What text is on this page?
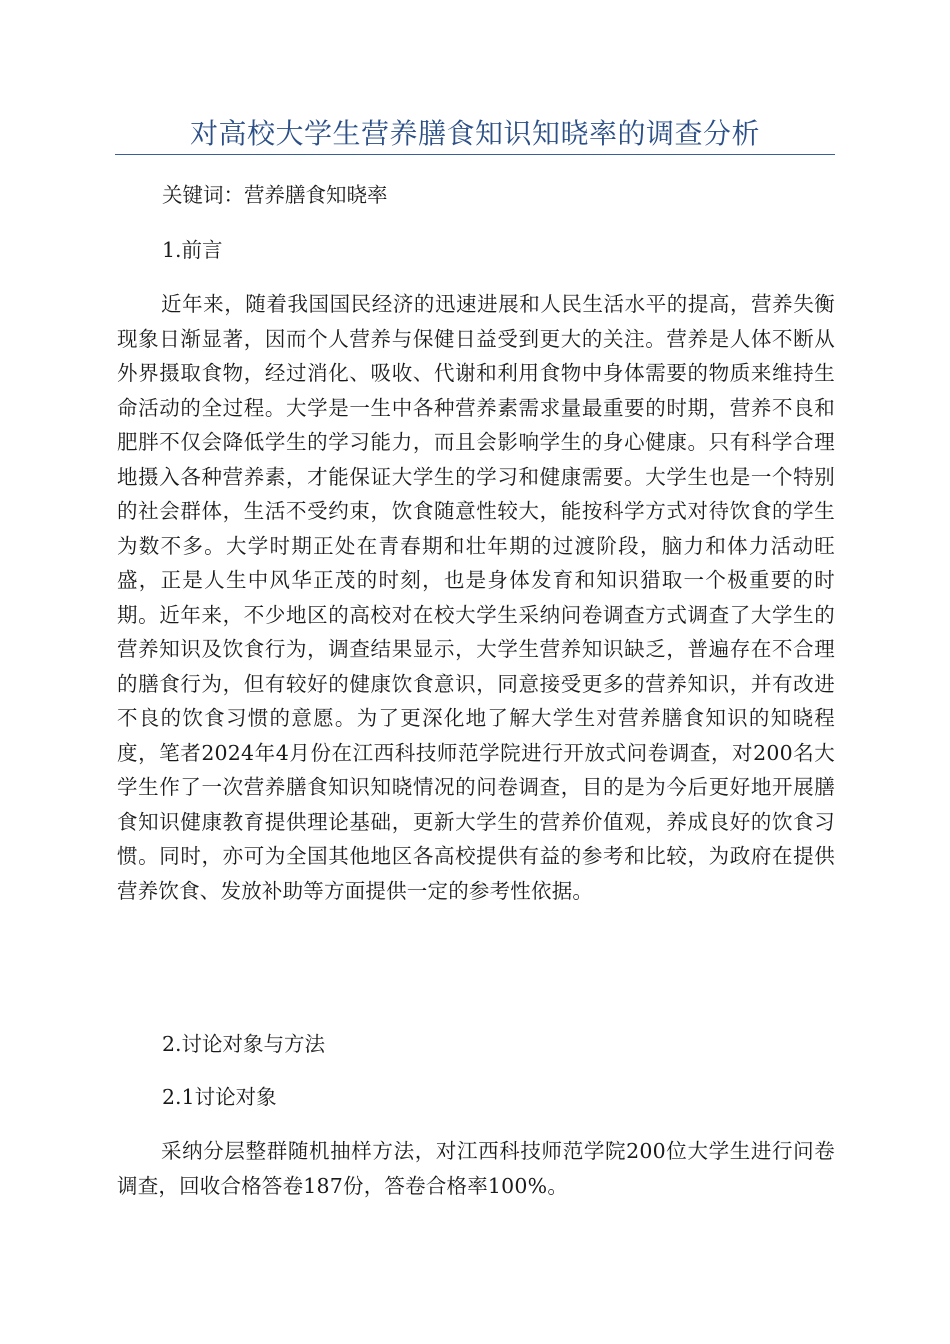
对高校大学生营养膳食知识知晓率的调查分析
关键词：营养膳食知晓率
1.前言
近年来，随着我国国民经济的迅速进展和人民生活水平的提高，营养失衡现象日渐显著，因而个人营养与保健日益受到更大的关注。营养是人体不断从外界摄取食物，经过消化、吸收、代谢和利用食物中身体需要的物质来维持生命活动的全过程。大学是一生中各种营养素需求量最重要的时期，营养不良和肥胖不仅会降低学生的学习能力，而且会影响学生的身心健康。只有科学合理地摄入各种营养素，才能保证大学生的学习和健康需要。大学生也是一个特别的社会群体，生活不受约束，饮食随意性较大，能按科学方式对待饮食的学生为数不多。大学时期正处在青春期和壮年期的过渡阶段，脑力和体力活动旺盛，正是人生中风华正茂的时刻，也是身体发育和知识猎取一个极重要的时期。近年来，不少地区的高校对在校大学生采纳问卷调查方式调查了大学生的营养知识及饮食行为，调查结果显示，大学生营养知识缺乏，普遍存在不合理的膳食行为，但有较好的健康饮食意识，同意接受更多的营养知识，并有改进不良的饮食习惯的意愿。为了更深化地了解大学生对营养膳食知识的知晓程度，笔者2024年4月份在江西科技师范学院进行开放式问卷调查，对200名大学生作了一次营养膳食知识知晓情况的问卷调查，目的是为今后更好地开展膳食知识健康教育提供理论基础，更新大学生的营养价值观，养成良好的饮食习惯。同时，亦可为全国其他地区各高校提供有益的参考和比较，为政府在提供营养饮食、发放补助等方面提供一定的参考性依据。
2.讨论对象与方法
2.1讨论对象
采纳分层整群随机抽样方法，对江西科技师范学院200位大学生进行问卷调查，回收合格答卷187份，答卷合格率100%。
